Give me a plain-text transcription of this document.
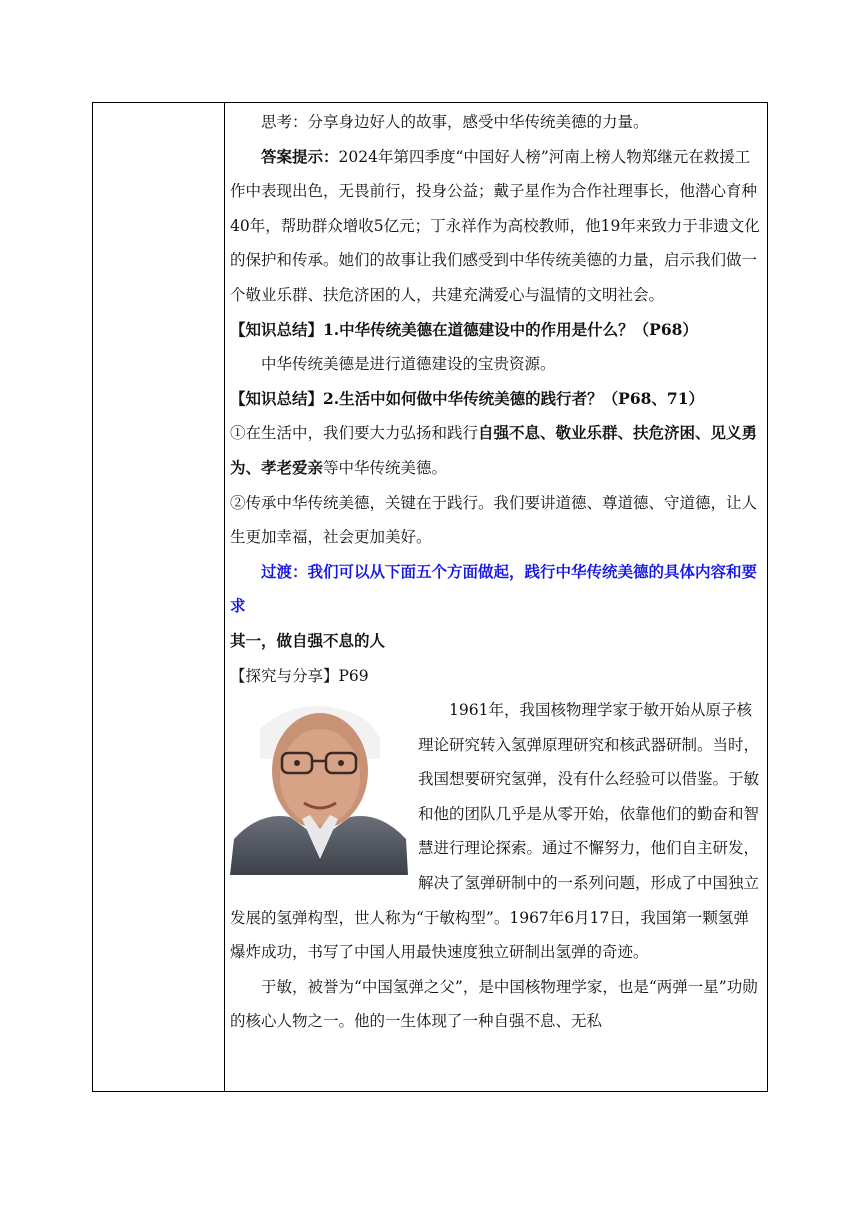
思考：分享身边好人的故事，感受中华传统美德的力量。

答案提示：2024年第四季度“中国好人榜”河南上榜人物郑继元在救援工作中表现出色，无畏前行，投身公益；戴子星作为合作社理事长，他潜心育种40年，帮助群众增收5亿元；丁永祥作为高校教师，他19年来致力于非遗文化的保护和传承。她们的故事让我们感受到中华传统美德的力量，启示我们做一个敬业乐群、扶危济困的人，共建充满爱心与温情的文明社会。

【知识总结】1.中华传统美德在道德建设中的作用是什么？（P68）

中华传统美德是进行道德建设的宝贵资源。

【知识总结】2.生活中如何做中华传统美德的践行者？（P68、71）

①在生活中，我们要大力弘扬和践行自强不息、敬业乐群、扶危济困、见义勇为、孝老爱亲等中华传统美德。

②传承中华传统美德，关键在于践行。我们要讲道德、尊道德、守道德，让人生更加幸福，社会更加美好。

过渡：我们可以从下面五个方面做起，践行中华传统美德的具体内容和要求

其一，做自强不息的人

【探究与分享】P69

1961年，我国核物理学家于敏开始从原子核理论研究转入氢弹原理研究和核武器研制。当时，我国想要研究氢弹，没有什么经验可以借鉴。于敏和他的团队几乎是从零开始，依靠他们的勤奋和智慧进行理论探索。通过不懈努力，他们自主研发，解决了氢弹研制中的一系列问题，形成了中国独立发展的氢弹构型，世人称为“于敏构型”。1967年6月17日，我国第一颗氢弹爆炸成功，书写了中国人用最快速度独立研制出氢弹的奇迹。

于敏，被誉为“中国氢弹之父”，是中国核物理学家，也是“两弹一星”功勋的核心人物之一。他的一生体现了一种自强不息、无私
